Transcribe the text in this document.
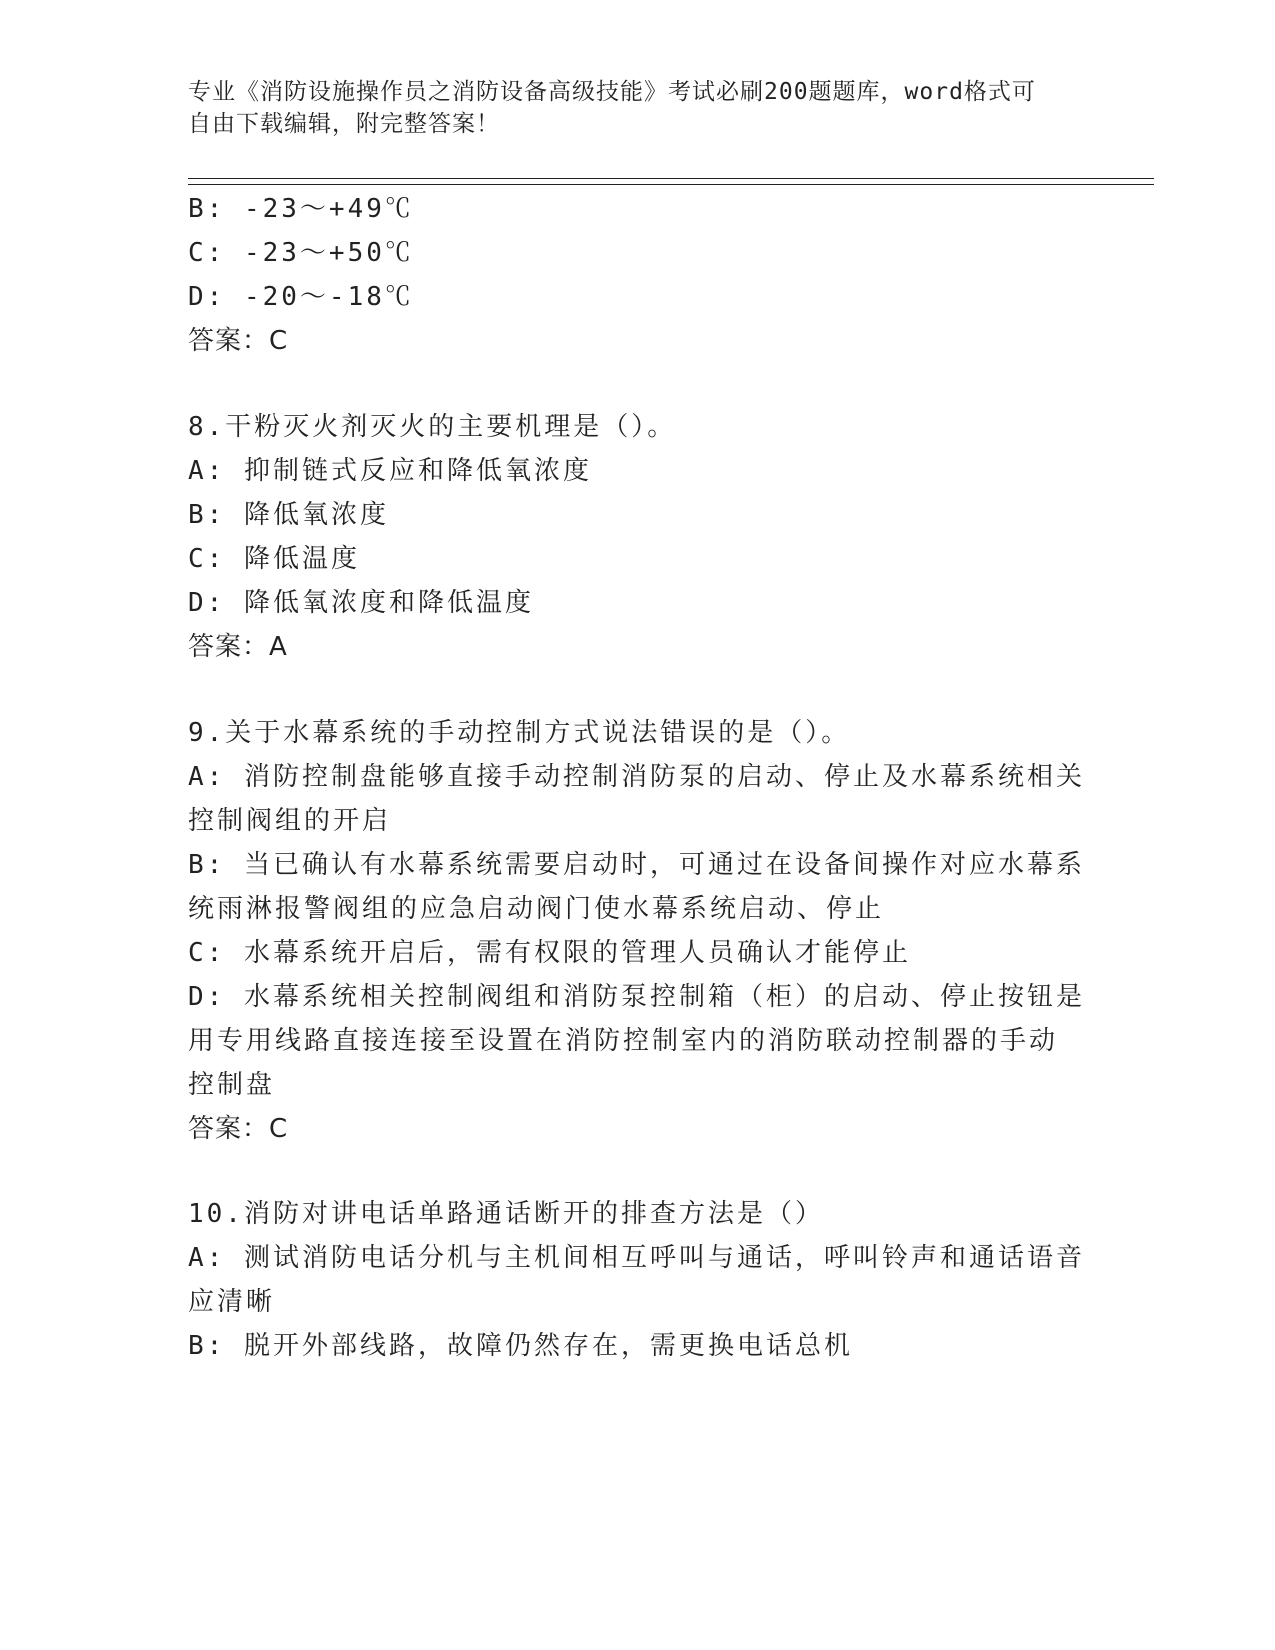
专业《消防设施操作员之消防设备高级技能》考试必刷200题题库，word格式可
自由下载编辑，附完整答案！
B: -23～+49℃
C: -23～+50℃
D: -20～-18℃
答案：C
8.干粉灭火剂灭火的主要机理是（）。
A: 抑制链式反应和降低氧浓度
B: 降低氧浓度
C: 降低温度
D: 降低氧浓度和降低温度
答案：A
9.关于水幕系统的手动控制方式说法错误的是（）。
A: 消防控制盘能够直接手动控制消防泵的启动、停止及水幕系统相关
控制阀组的开启
B: 当已确认有水幕系统需要启动时，可通过在设备间操作对应水幕系
统雨淋报警阀组的应急启动阀门使水幕系统启动、停止
C: 水幕系统开启后，需有权限的管理人员确认才能停止
D: 水幕系统相关控制阀组和消防泵控制箱（柜）的启动、停止按钮是
用专用线路直接连接至设置在消防控制室内的消防联动控制器的手动
控制盘
答案：C
10.消防对讲电话单路通话断开的排查方法是（）
A: 测试消防电话分机与主机间相互呼叫与通话，呼叫铃声和通话语音
应清晰
B: 脱开外部线路，故障仍然存在，需更换电话总机
